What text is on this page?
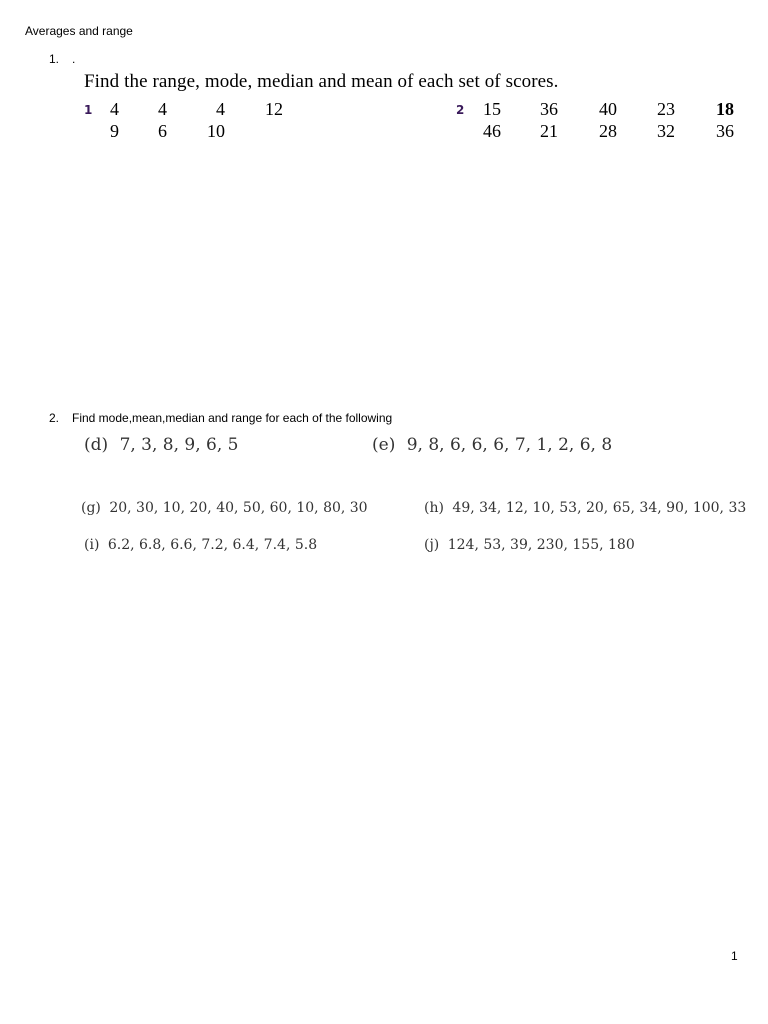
Averages and range
1. .
Find the range, mode, median and mean of each set of scores.
1 4 4	4 12
9 6 10
2 15 36 40 23 18
46 21 28 32 36
2. Find mode,mean,median and range for each of the following
(d) 7, 3, 8, 9, 6, 5	(e) 9, 8, 6, 6, 6, 7, 1, 2, 6, 8
(g) 20, 30, 10, 20, 40, 50, 60, 10, 80, 30	(h) 49, 34, 12, 10, 53, 20, 65, 34, 90, 100, 33
(i) 6.2, 6.8, 6.6, 7.2, 6.4, 7.4, 5.8	(j) 124, 53, 39, 230, 155, 180
1
